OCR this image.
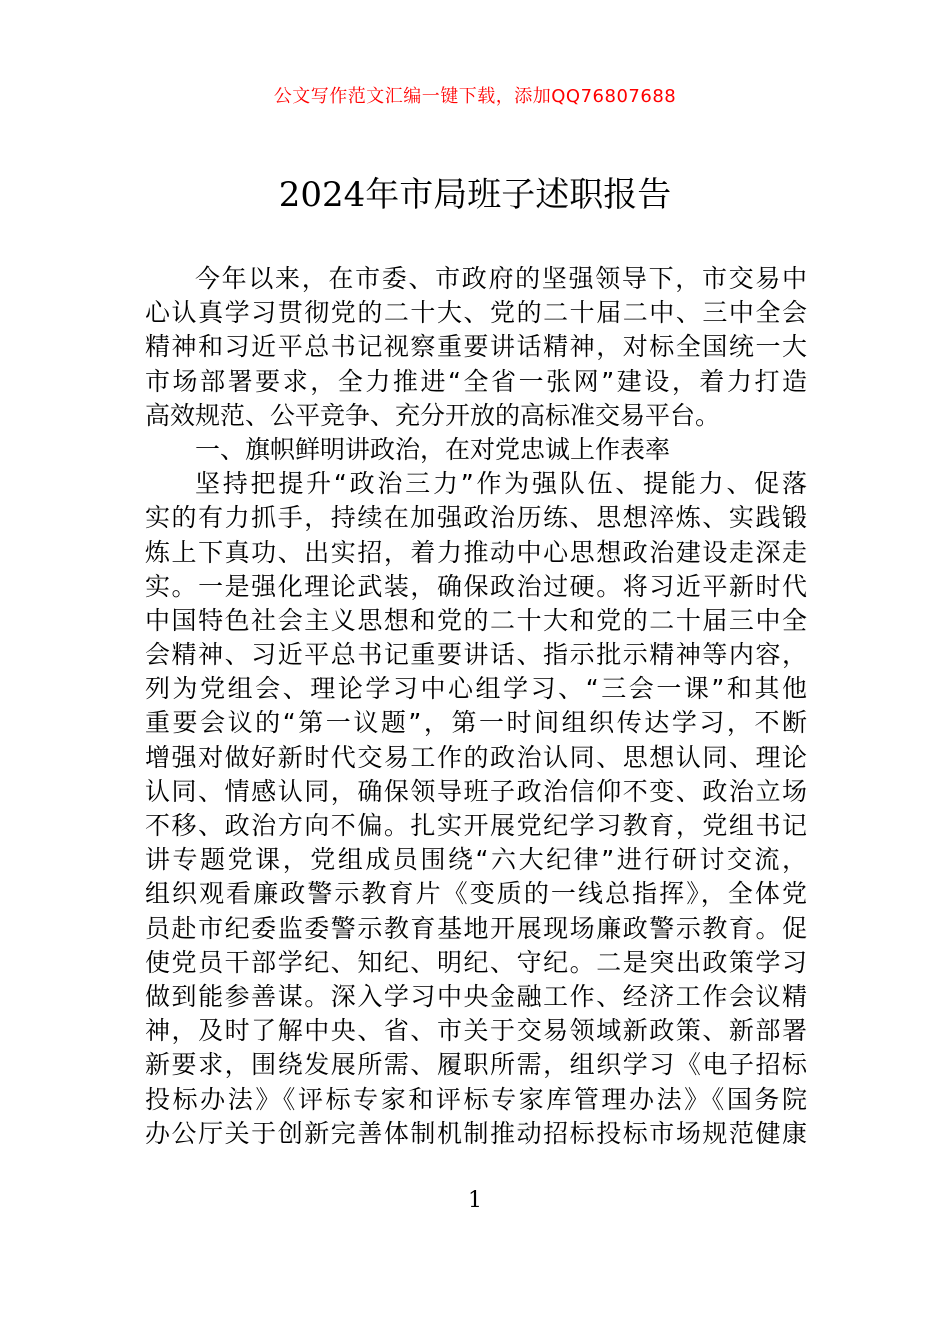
公文写作范文汇编一键下载，添加QQ76807688
2024年市局班子述职报告
今年以来，在市委、市政府的坚强领导下，市交易中
心认真学习贯彻党的二十大、党的二十届二中、三中全会
精神和习近平总书记视察重要讲话精神，对标全国统一大
市场部署要求，全力推进“全省一张网”建设，着力打造
高效规范、公平竞争、充分开放的高标准交易平台。
一、旗帜鲜明讲政治，在对党忠诚上作表率
坚持把提升“政治三力”作为强队伍、提能力、促落
实的有力抓手，持续在加强政治历练、思想淬炼、实践锻
炼上下真功、出实招，着力推动中心思想政治建设走深走
实。一是强化理论武装，确保政治过硬。将习近平新时代
中国特色社会主义思想和党的二十大和党的二十届三中全
会精神、习近平总书记重要讲话、指示批示精神等内容，
列为党组会、理论学习中心组学习、“三会一课”和其他
重要会议的“第一议题”，第一时间组织传达学习，不断
增强对做好新时代交易工作的政治认同、思想认同、理论
认同、情感认同，确保领导班子政治信仰不变、政治立场
不移、政治方向不偏。扎实开展党纪学习教育，党组书记
讲专题党课，党组成员围绕“六大纪律”进行研讨交流，
组织观看廉政警示教育片《变质的一线总指挥》，全体党
员赴市纪委监委警示教育基地开展现场廉政警示教育。促
使党员干部学纪、知纪、明纪、守纪。二是突出政策学习
做到能参善谋。深入学习中央金融工作、经济工作会议精
神，及时了解中央、省、市关于交易领域新政策、新部署
新要求，围绕发展所需、履职所需，组织学习《电子招标
投标办法》《评标专家和评标专家库管理办法》《国务院
办公厅关于创新完善体制机制推动招标投标市场规范健康
1
